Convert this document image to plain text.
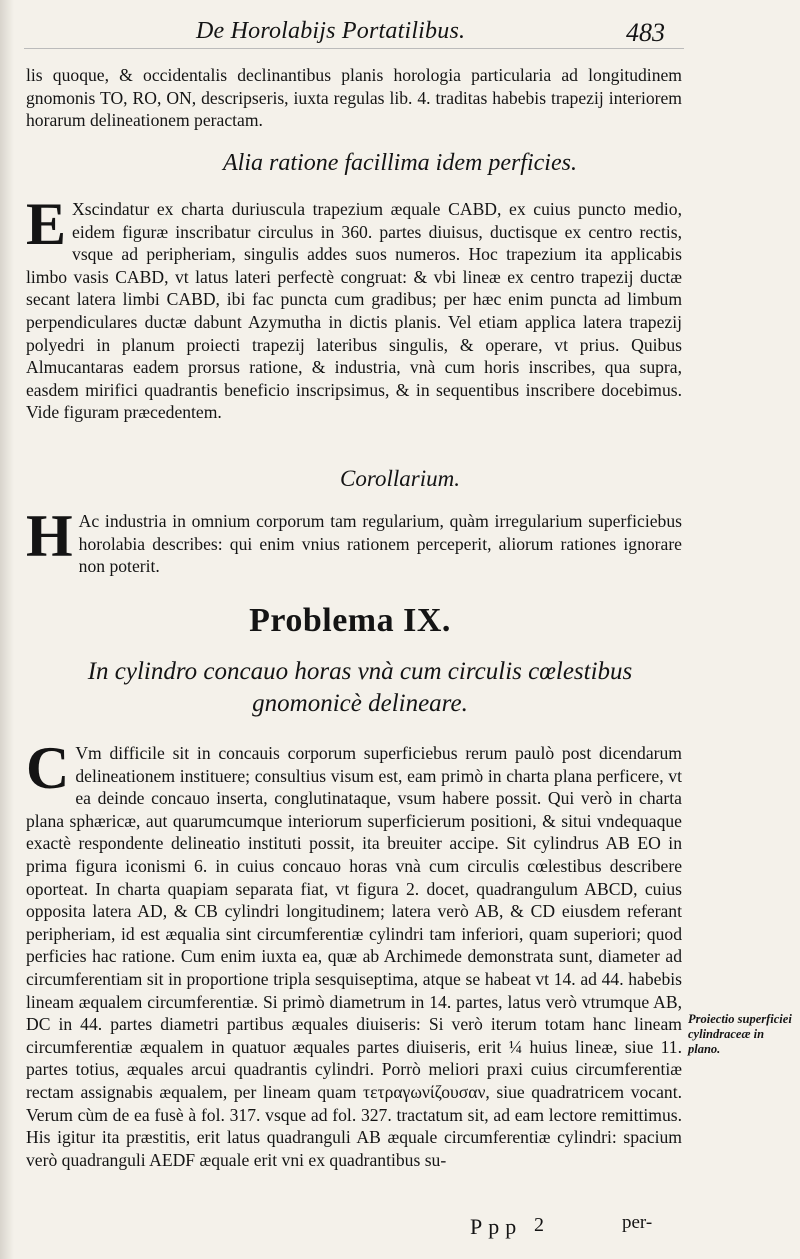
De Horolabijs Portatilibus.	483

lis quoque, & occidentalis declinantibus planis horologia particularia ad longitudinem gnomonis TO, RO, ON, descripseris, iuxta regulas lib. 4. traditas habebis trapezij interiorem horarum delineationem peractam.

Alia ratione facillima idem perficies.

E Xscindatur ex charta duriuscula trapezium æquale CABD, ex cuius puncto medio, eidem figuræ inscribatur circulus in 360. partes diuisus, ductisque ex centro rectis, vsque ad peripheriam, singulis addes suos numeros. Hoc trapezium ita applicabis limbo vasis CABD, vt latus lateri perfectè congruat: & vbi lineæ ex centro trapezij ductæ secant latera limbi CABD, ibi fac puncta cum gradibus; per hæc enim puncta ad limbum perpendiculares ductæ dabunt Azymutha in dictis planis. Vel etiam applica latera trapezij polyedri in planum proiecti trapezij lateribus singulis, & operare, vt prius. Quibus Almucantaras eadem prorsus ratione, & industria, vnà cum horis inscribes, qua supra, easdem mirifici quadrantis beneficio inscripsimus, & in sequentibus inscribere docebimus. Vide figuram præcedentem.

Corollarium.

H Ac industria in omnium corporum tam regularium, quàm irregularium superficiebus horolabia describes: qui enim vnius rationem perceperit, aliorum rationes ignorare non poterit.

Problema IX.
In cylindro concauo horas vnà cum circulis cœlestibus gnomonicè delineare.

C Vm difficile sit in concauis corporum superficiebus rerum paulò post dicendarum delineationem instituere; consultius visum est, eam primò in charta plana perficere, vt ea deinde concauo inserta, conglutinataque, vsum habere possit. Qui verò in charta plana sphæricæ, aut quarumcumque interiorum superficierum positioni, & situi vndequaque exactè respondente delineatio instituti possit, ita breuiter accipe. Sit cylindrus AB EO in prima figura iconismi 6. in cuius concauo horas vnà cum circulis cœlestibus describere oporteat. In charta quapiam separata fiat, vt figura 2. docet, quadrangulum ABCD, cuius opposita latera AD, & CB cylindri longitudinem; latera verò AB, & CD eiusdem referant peripheriam, id est æqualia sint circumferentiæ cylindri tam inferiori, quam superiori; quod perficies hac ratione. Cum enim iuxta ea, quæ ab Archimede demonstrata sunt, diameter ad circumferentiam sit in proportione tripla sesquiseptima, atque se habeat vt 14. ad 44. habebis lineam æqualem circumferentiæ. Si primò diametrum in 14. partes, latus verò vtrumque AB, DC in 44. partes diametri partibus æquales diuiseris: Si verò iterum totam hanc lineam circumferentiæ æqualem in quatuor æquales partes diuiseris, erit ¼ huius lineæ, siue 11. partes totius, æquales arcui quadrantis cylindri. Porrò meliori praxi cuius circumferentiæ rectam assignabis æqualem, per lineam quam τετραγωνίζουσαν, siue quadratricem vocant. Verum cùm de ea fusè à fol. 317. vsque ad fol. 327. tractatum sit, ad eam lectore remittimus. His igitur ita præstitis, erit latus quadranguli AB æquale circumferentiæ cylindri: spacium verò quadranguli AEDF æquale erit vni ex quadrantibus su-

Proiectio superficiei cylindraceæ in plano.
Ppp 2	per-
